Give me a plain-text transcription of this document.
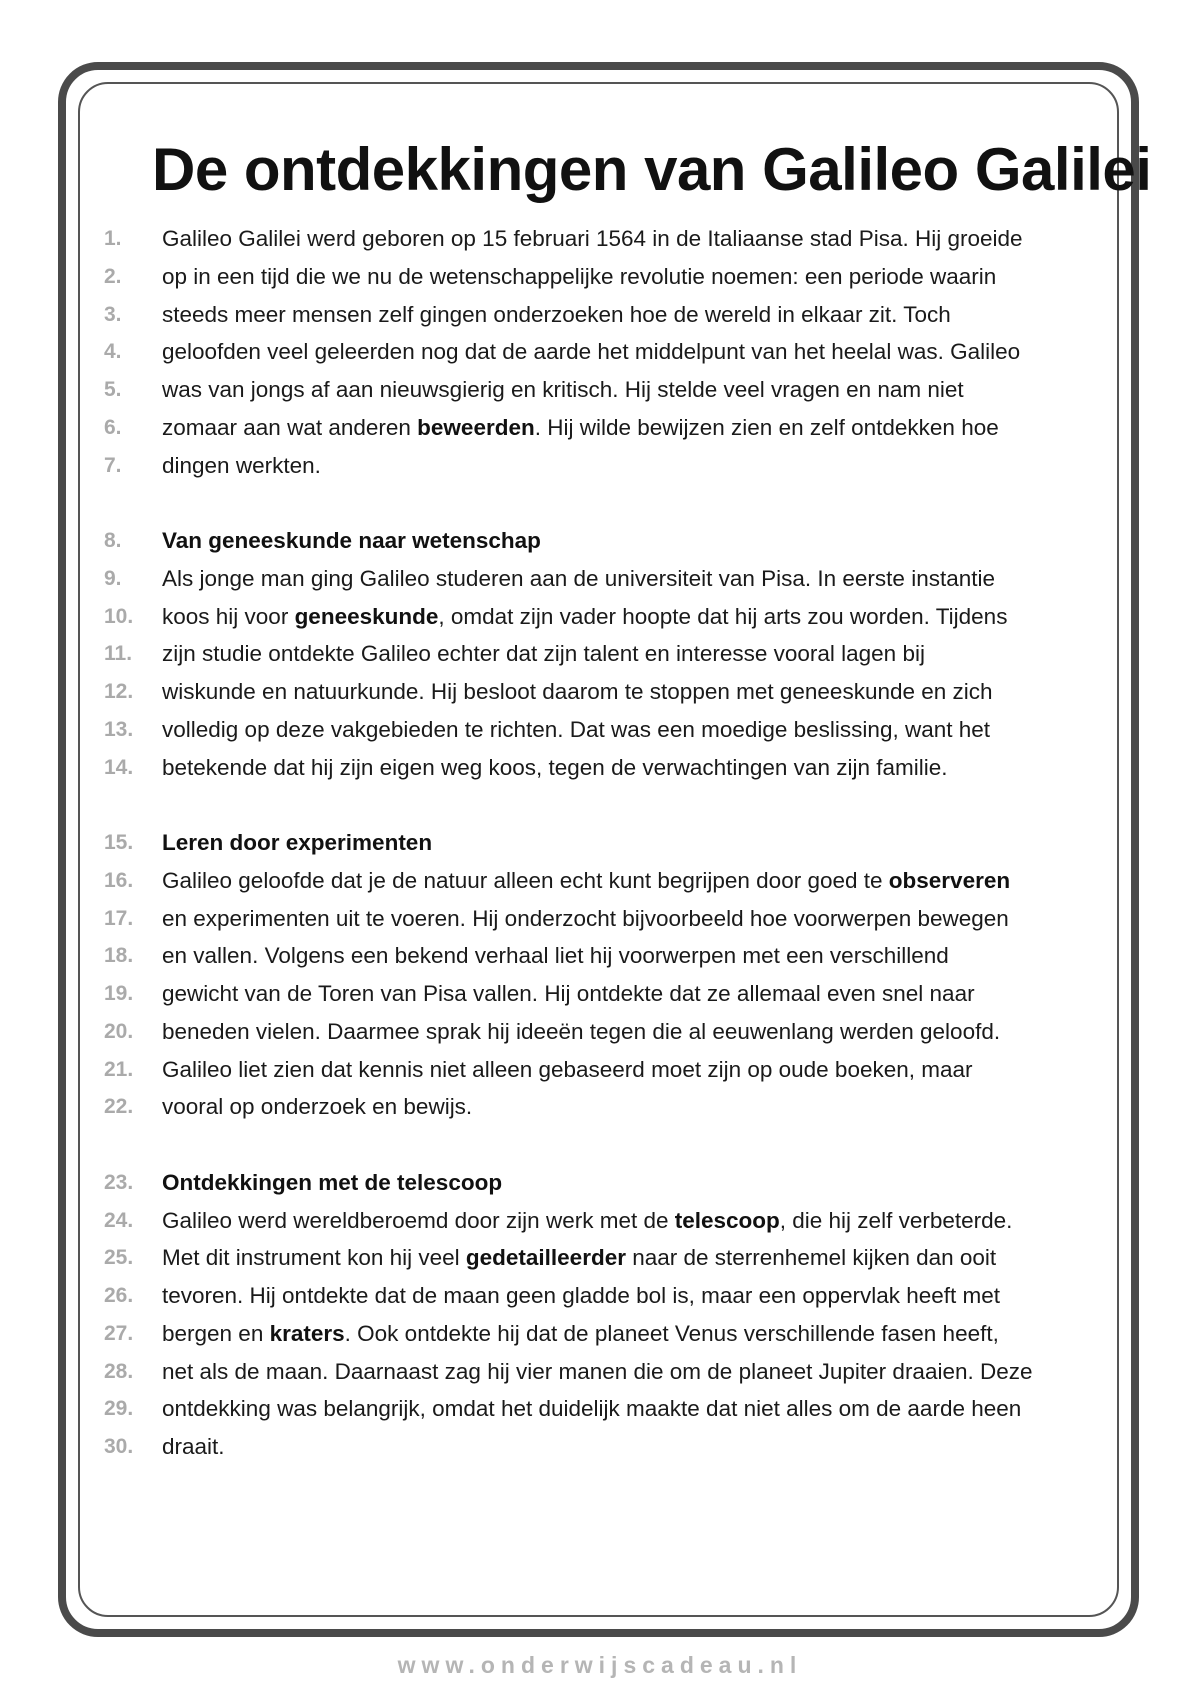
De ontdekkingen van Galileo Galilei
1.	Galileo Galilei werd geboren op 15 februari 1564 in de Italiaanse stad Pisa. Hij groeide
2.	op in een tijd die we nu de wetenschappelijke revolutie noemen: een periode waarin
3.	steeds meer mensen zelf gingen onderzoeken hoe de wereld in elkaar zit. Toch
4.	geloofden veel geleerden nog dat de aarde het middelpunt van het heelal was. Galileo
5.	was van jongs af aan nieuwsgierig en kritisch. Hij stelde veel vragen en nam niet
6.	zomaar aan wat anderen beweerden. Hij wilde bewijzen zien en zelf ontdekken hoe
7.	dingen werkten.
8.	Van geneeskunde naar wetenschap
9.	Als jonge man ging Galileo studeren aan de universiteit van Pisa. In eerste instantie
10.	koos hij voor geneeskunde, omdat zijn vader hoopte dat hij arts zou worden. Tijdens
11.	zijn studie ontdekte Galileo echter dat zijn talent en interesse vooral lagen bij
12.	wiskunde en natuurkunde. Hij besloot daarom te stoppen met geneeskunde en zich
13.	volledig op deze vakgebieden te richten. Dat was een moedige beslissing, want het
14.	betekende dat hij zijn eigen weg koos, tegen de verwachtingen van zijn familie.
15.	Leren door experimenten
16.	Galileo geloofde dat je de natuur alleen echt kunt begrijpen door goed te observeren
17.	en experimenten uit te voeren. Hij onderzocht bijvoorbeeld hoe voorwerpen bewegen
18.	en vallen. Volgens een bekend verhaal liet hij voorwerpen met een verschillend
19.	gewicht van de Toren van Pisa vallen. Hij ontdekte dat ze allemaal even snel naar
20.	beneden vielen. Daarmee sprak hij ideeën tegen die al eeuwenlang werden geloofd.
21.	Galileo liet zien dat kennis niet alleen gebaseerd moet zijn op oude boeken, maar
22.	vooral op onderzoek en bewijs.
23.	Ontdekkingen met de telescoop
24.	Galileo werd wereldberoemd door zijn werk met de telescoop, die hij zelf verbeterde.
25.	Met dit instrument kon hij veel gedetailleerder naar de sterrenhemel kijken dan ooit
26.	tevoren. Hij ontdekte dat de maan geen gladde bol is, maar een oppervlak heeft met
27.	bergen en kraters. Ook ontdekte hij dat de planeet Venus verschillende fasen heeft,
28.	net als de maan. Daarnaast zag hij vier manen die om de planeet Jupiter draaien. Deze
29.	ontdekking was belangrijk, omdat het duidelijk maakte dat niet alles om de aarde heen
30.	draait.
www.onderwijscadeau.nl
